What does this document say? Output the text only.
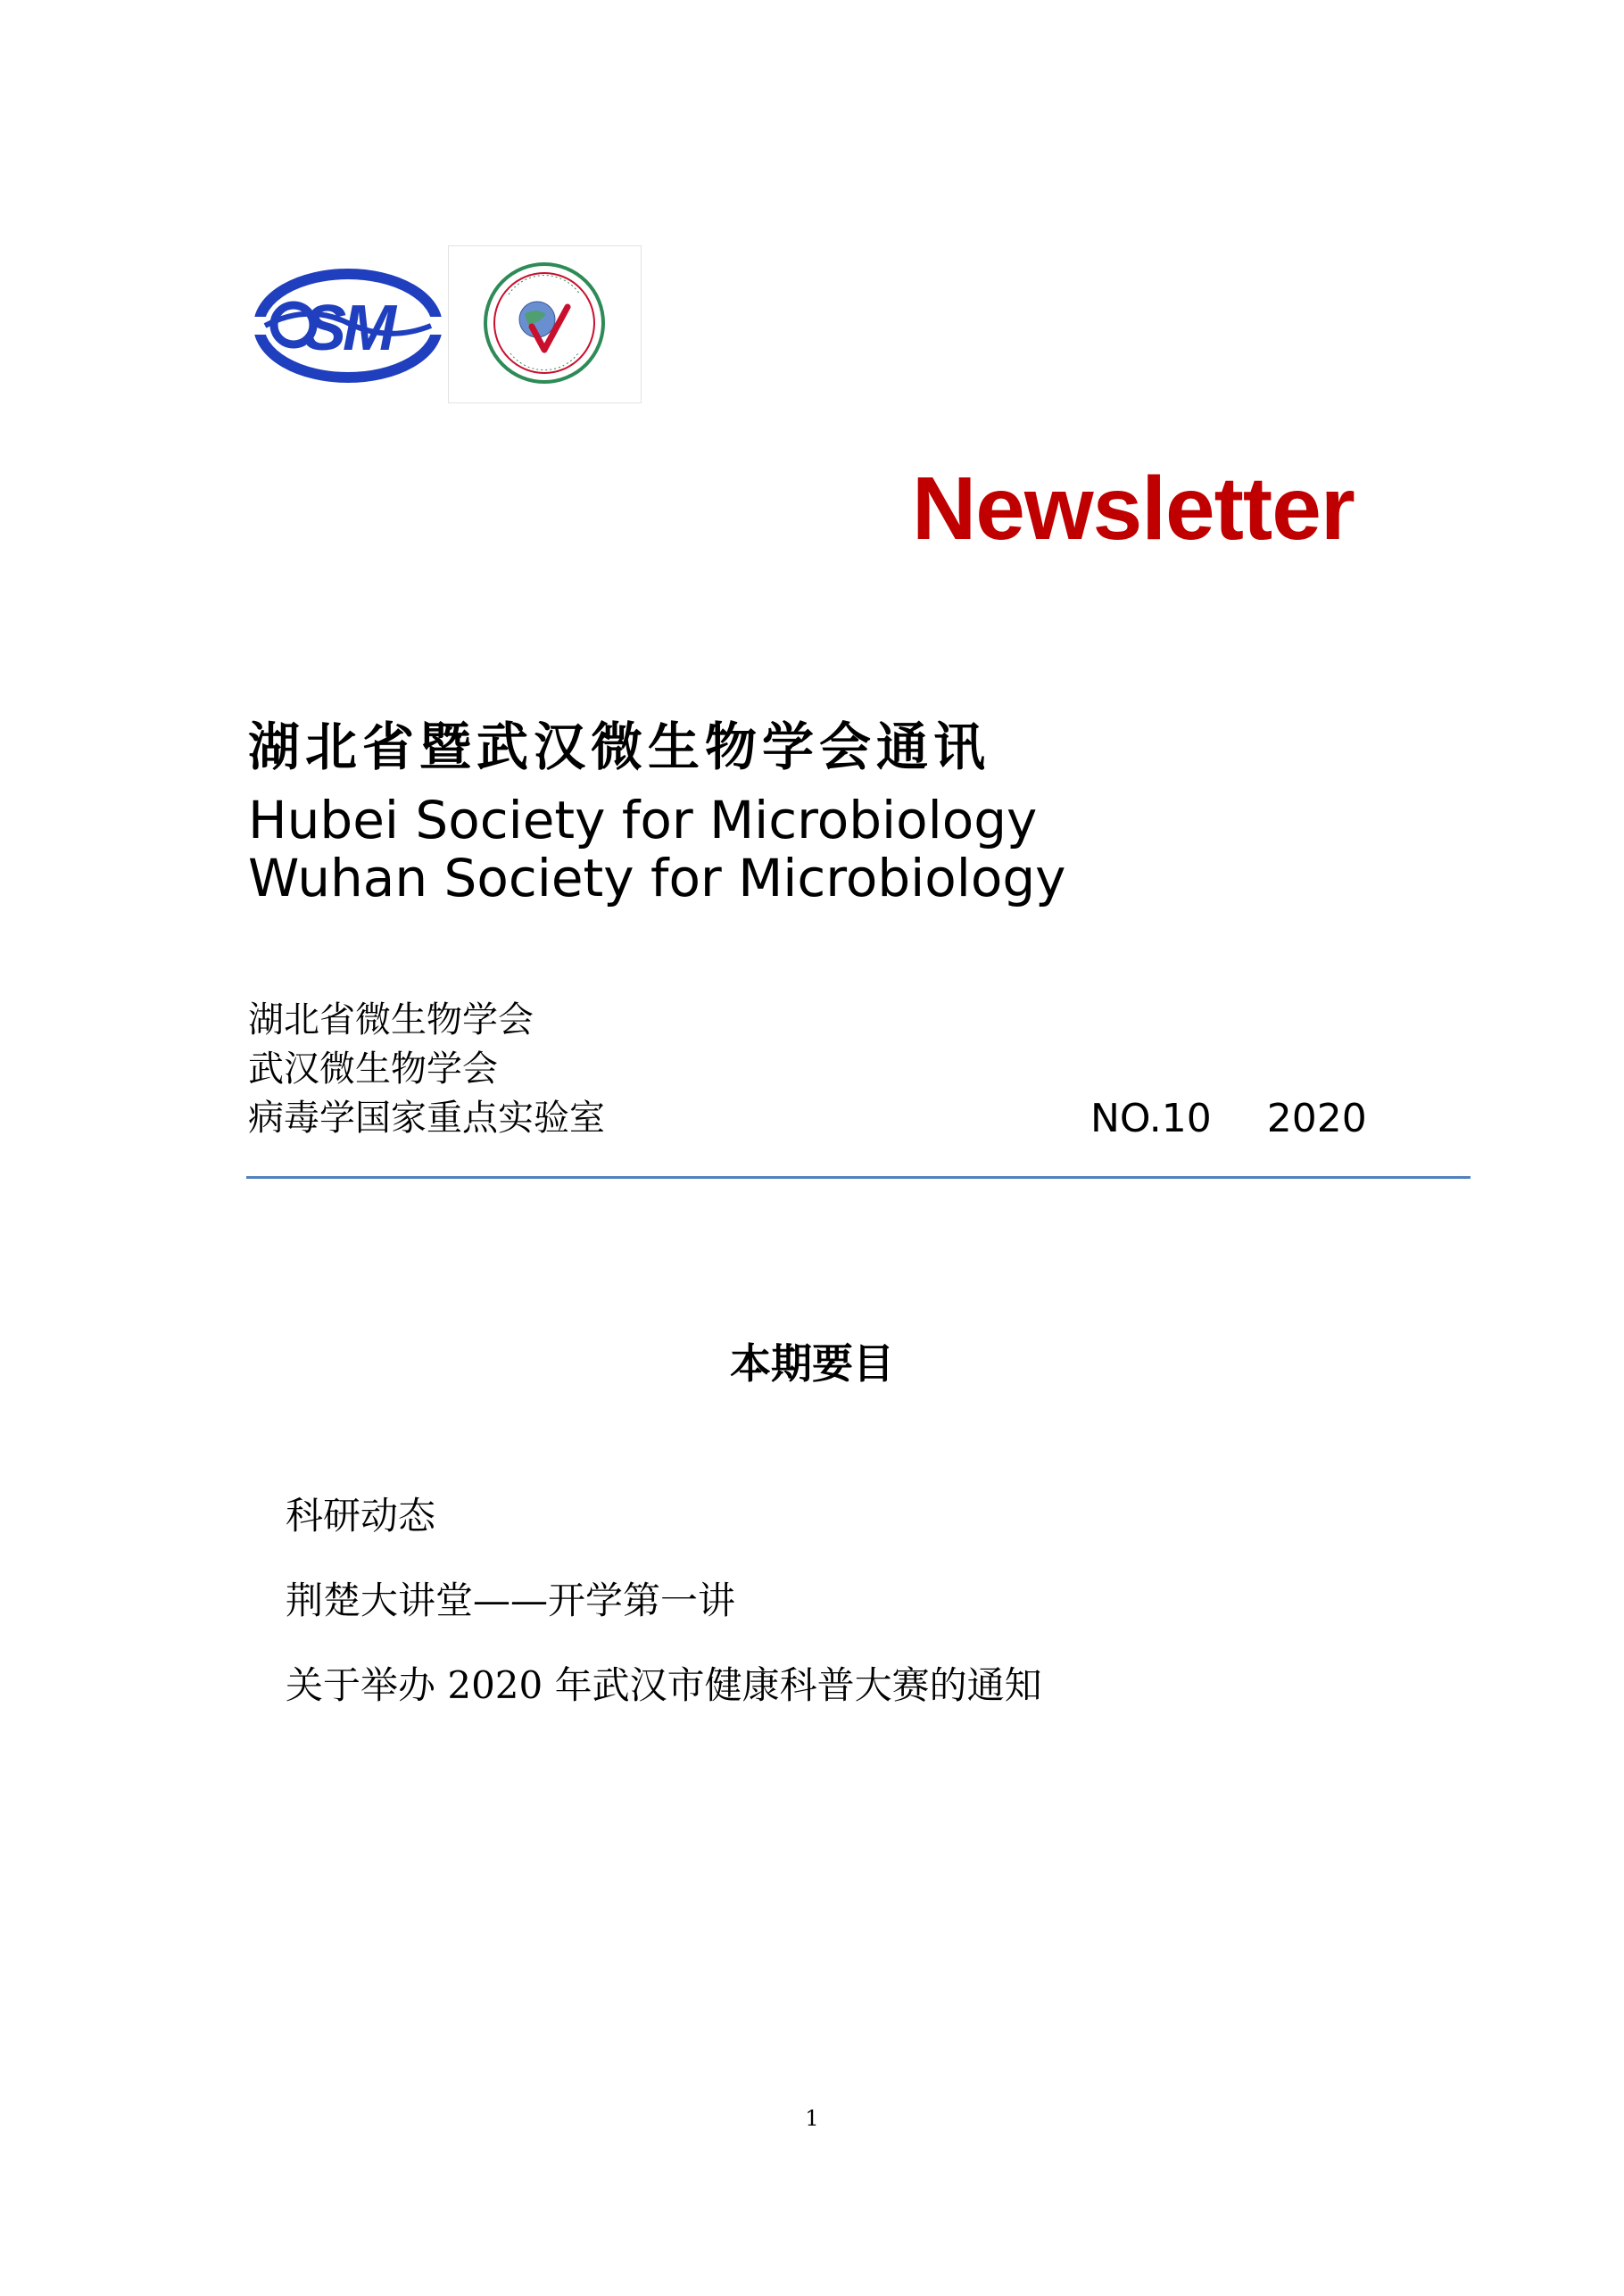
SM
Newsletter
湖北省暨武汉微生物学会通讯
Hubei Society for Microbiology
Wuhan Society for Microbiology
湖北省微生物学会
武汉微生物学会
病毒学国家重点实验室	NO.10 2020
本期要目
科研动态
荆楚大讲堂——开学第一讲
关于举办 2020 年武汉市健康科普大赛的通知
1
